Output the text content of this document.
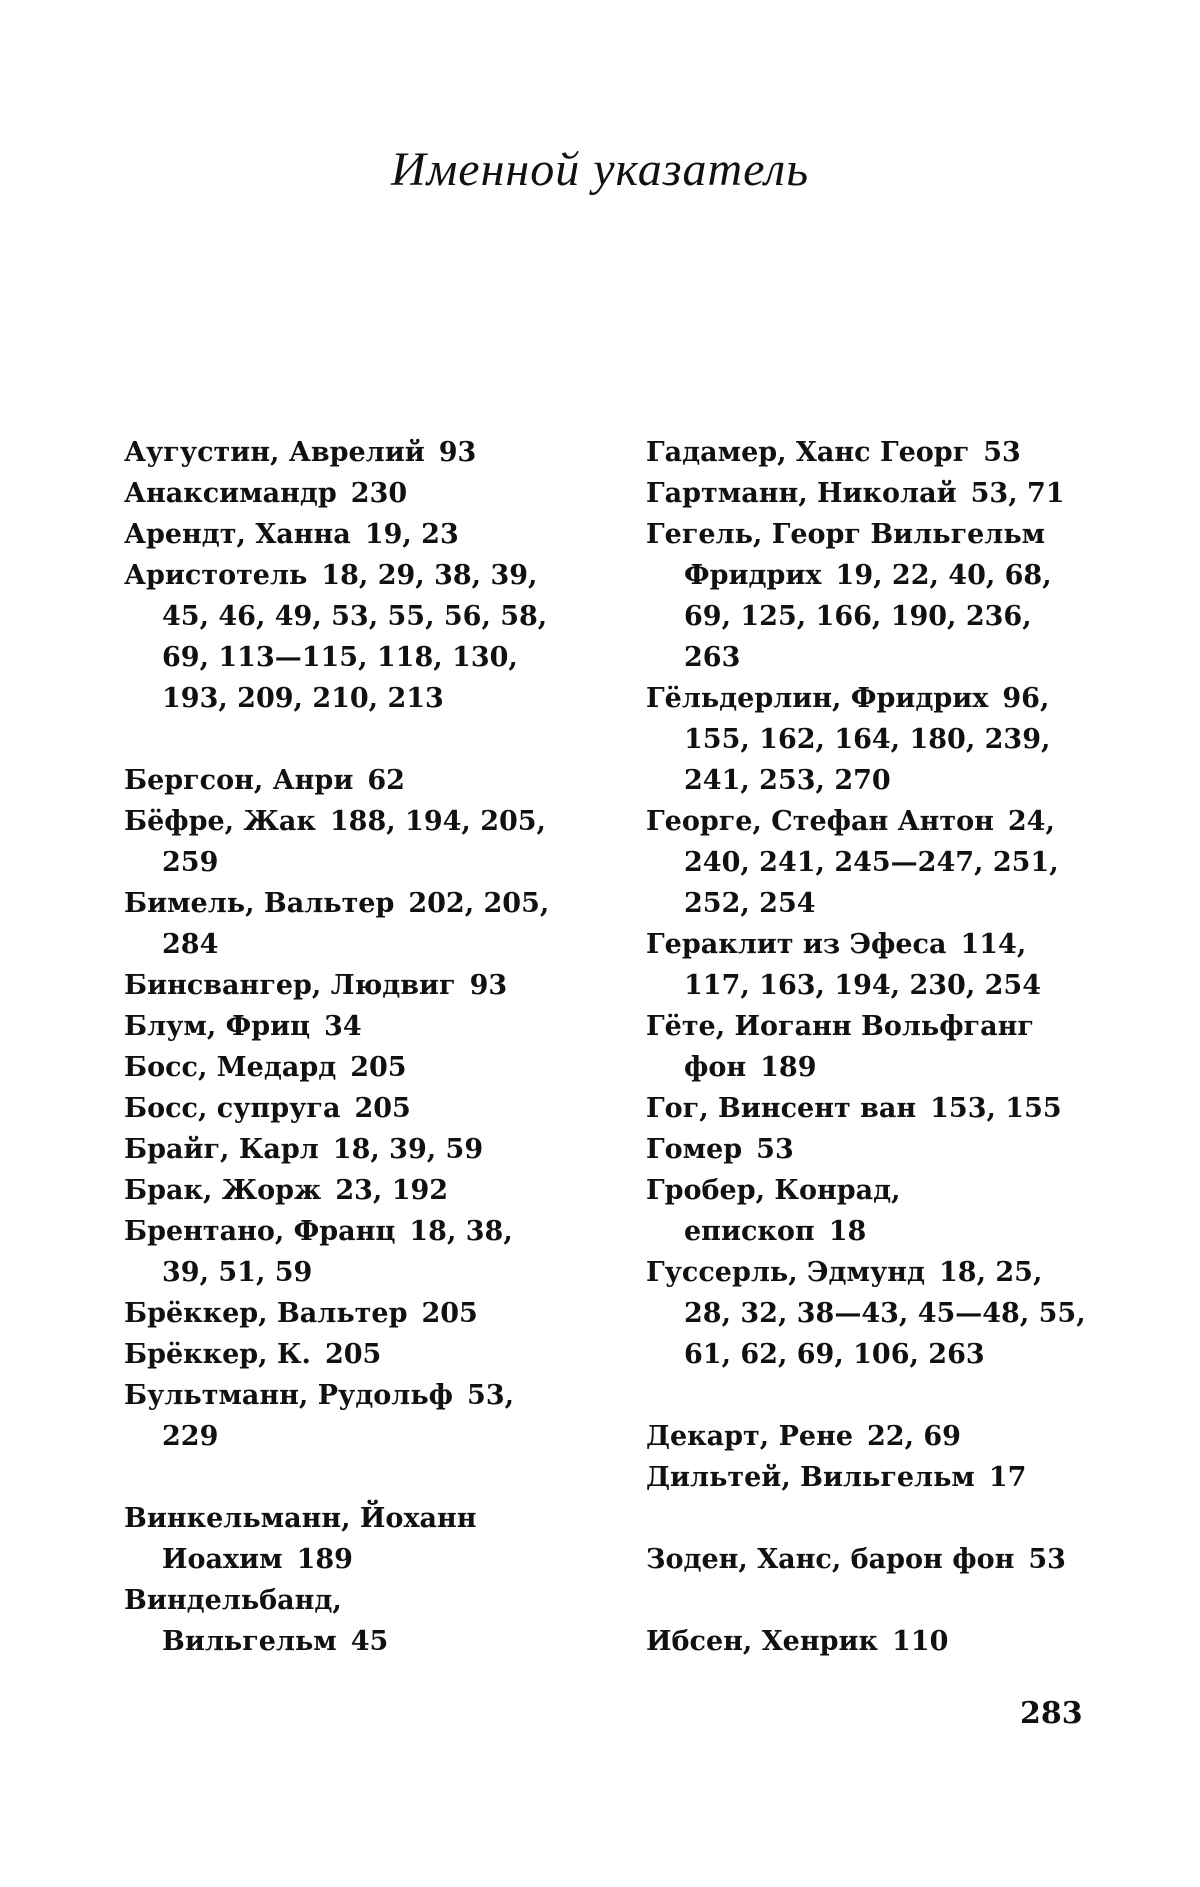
Именной указатель
Аугустин, Аврелий 93
Анаксимандр 230
Арендт, Ханна 19, 23
Аристотель 18, 29, 38, 39, 45, 46, 49, 53, 55, 56, 58, 69, 113—115, 118, 130, 193, 209, 210, 213
Бергсон, Анри 62
Бёфре, Жак 188, 194, 205, 259
Бимель, Вальтер 202, 205, 284
Бинсвангер, Людвиг 93
Блум, Фриц 34
Босс, Медард 205
Босс, супруга 205
Брайг, Карл 18, 39, 59
Брак, Жорж 23, 192
Брентано, Франц 18, 38, 39, 51, 59
Брёккер, Вальтер 205
Брёккер, К. 205
Бультманн, Рудольф 53, 229
Винкельманн, Йоханн Иоахим 189
Виндельбанд, Вильгельм 45
Гадамер, Ханс Георг 53
Гартманн, Николай 53, 71
Гегель, Георг Вильгельм Фридрих 19, 22, 40, 68, 69, 125, 166, 190, 236, 263
Гёльдерлин, Фридрих 96, 155, 162, 164, 180, 239, 241, 253, 270
Георге, Стефан Антон 24, 240, 241, 245—247, 251, 252, 254
Гераклит из Эфеса 114, 117, 163, 194, 230, 254
Гёте, Иоганн Вольфганг фон 189
Гог, Винсент ван 153, 155
Гомер 53
Гробер, Конрад, епископ 18
Гуссерль, Эдмунд 18, 25, 28, 32, 38—43, 45—48, 55, 61, 62, 69, 106, 263
Декарт, Рене 22, 69
Дильтей, Вильгельм 17
Зоден, Ханс, барон фон 53
Ибсен, Хенрик 110
283
